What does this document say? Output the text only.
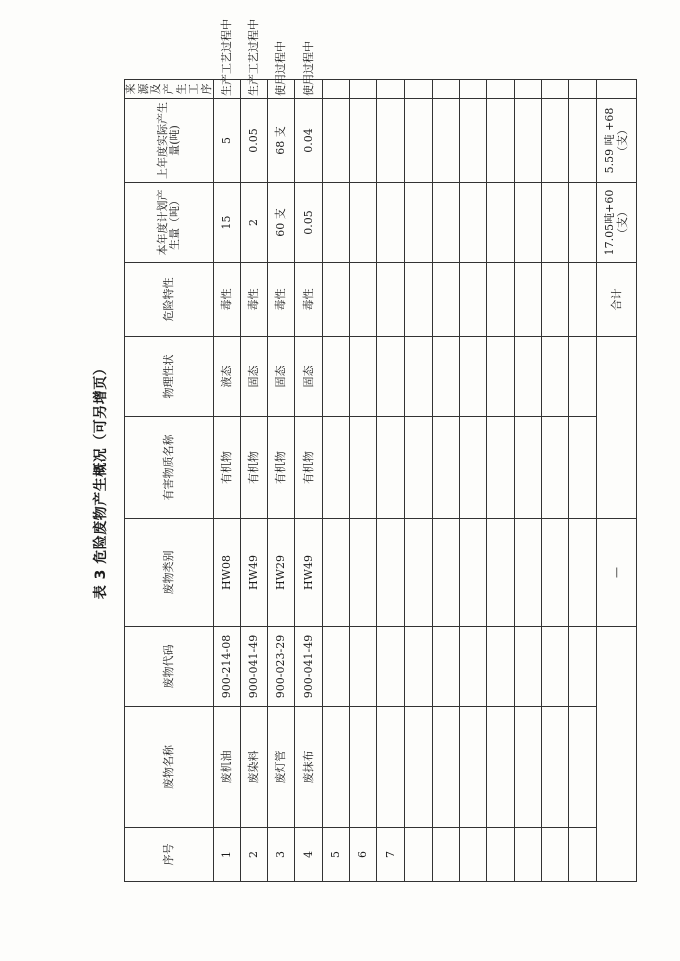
表 3 危险废物产生概况（可另增页）
序号	废物名称	废物代码	废物类别	有害物质名称	物理性状	危险特性	本年度计划产生量（吨）	上年度实际产生量(吨)	来源及产生工序
1	废机油	900-214-08	HW08	有机物	液态	毒性	15	5	生产工艺过程中
2	废染料	900-041-49	HW49	有机物	固态	毒性	2	0.05	生产工艺过程中
3	废灯管	900-023-29	HW29	有机物	固态	毒性	60 支	68 支	使用过程中
4	废抹布	900-041-49	HW49	有机物	固态	毒性	0.05	0.04	使用过程中
5									
6									
7									

			—			合计	17.05吨+60（支）	5.59 吨 +68（支）	
